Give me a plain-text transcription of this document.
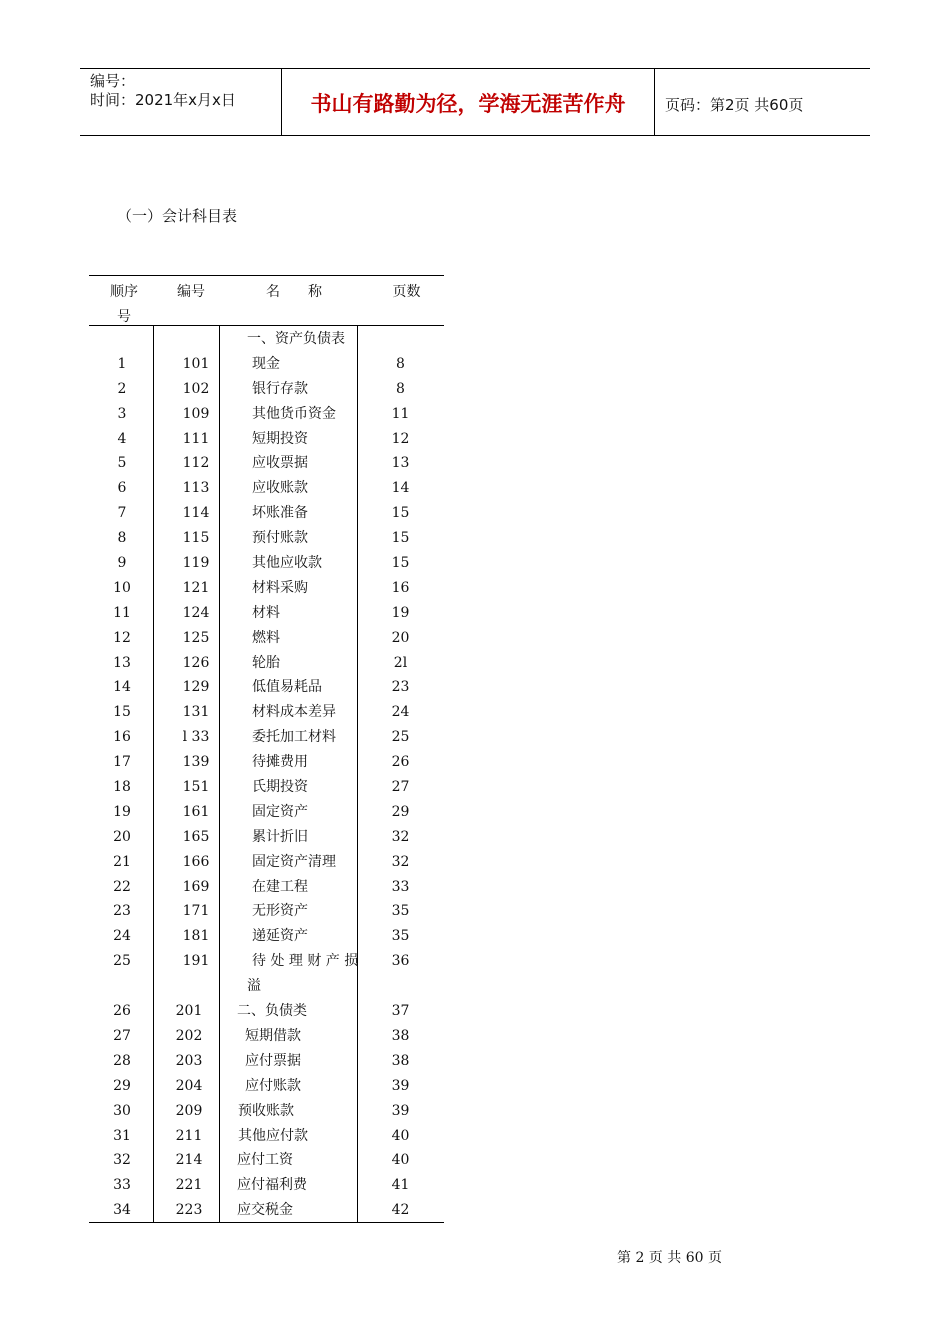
编号：
时间：2021年x月x日	书山有路勤为径，学海无涯苦作舟	页码：第2页 共60页
（一）会计科目表
顺序
号
编号	名　　称	页数
一、资产负债表
1	101	现金	8
2	102	银行存款	8
3	109	其他货币资金	11
4	111	短期投资	12
5	112	应收票据	13
6	113	应收账款	14
7	114	坏账准备	15
8	115	预付账款	15
9	119	其他应收款	15
10	121	材料采购	16
11	124	材料	19
12	125	燃料	20
13	126	轮胎	2l
14	129	低值易耗品	23
15	131	材料成本差异	24
16	l 33	委托加工材料	25
17	139	待摊费用	26
18	151	氏期投资	27
19	161	固定资产	29
20	165	累计折旧	32
21	166	固定资产清理	32
22	169	在建工程	33
23	171	无形资产	35
24	181	递延资产	35
25	191	待 处 理 财 产 损	36
溢
26	201	二、负债类	37
27	202	短期借款	38
28	203	应付票据	38
29	204	应付账款	39
30	209	预收账款	39
31	211	其他应付款	40
32	214	应付工资	40
33	221	应付福利费	41
34	223	应交税金	42
第 2 页 共 60 页
